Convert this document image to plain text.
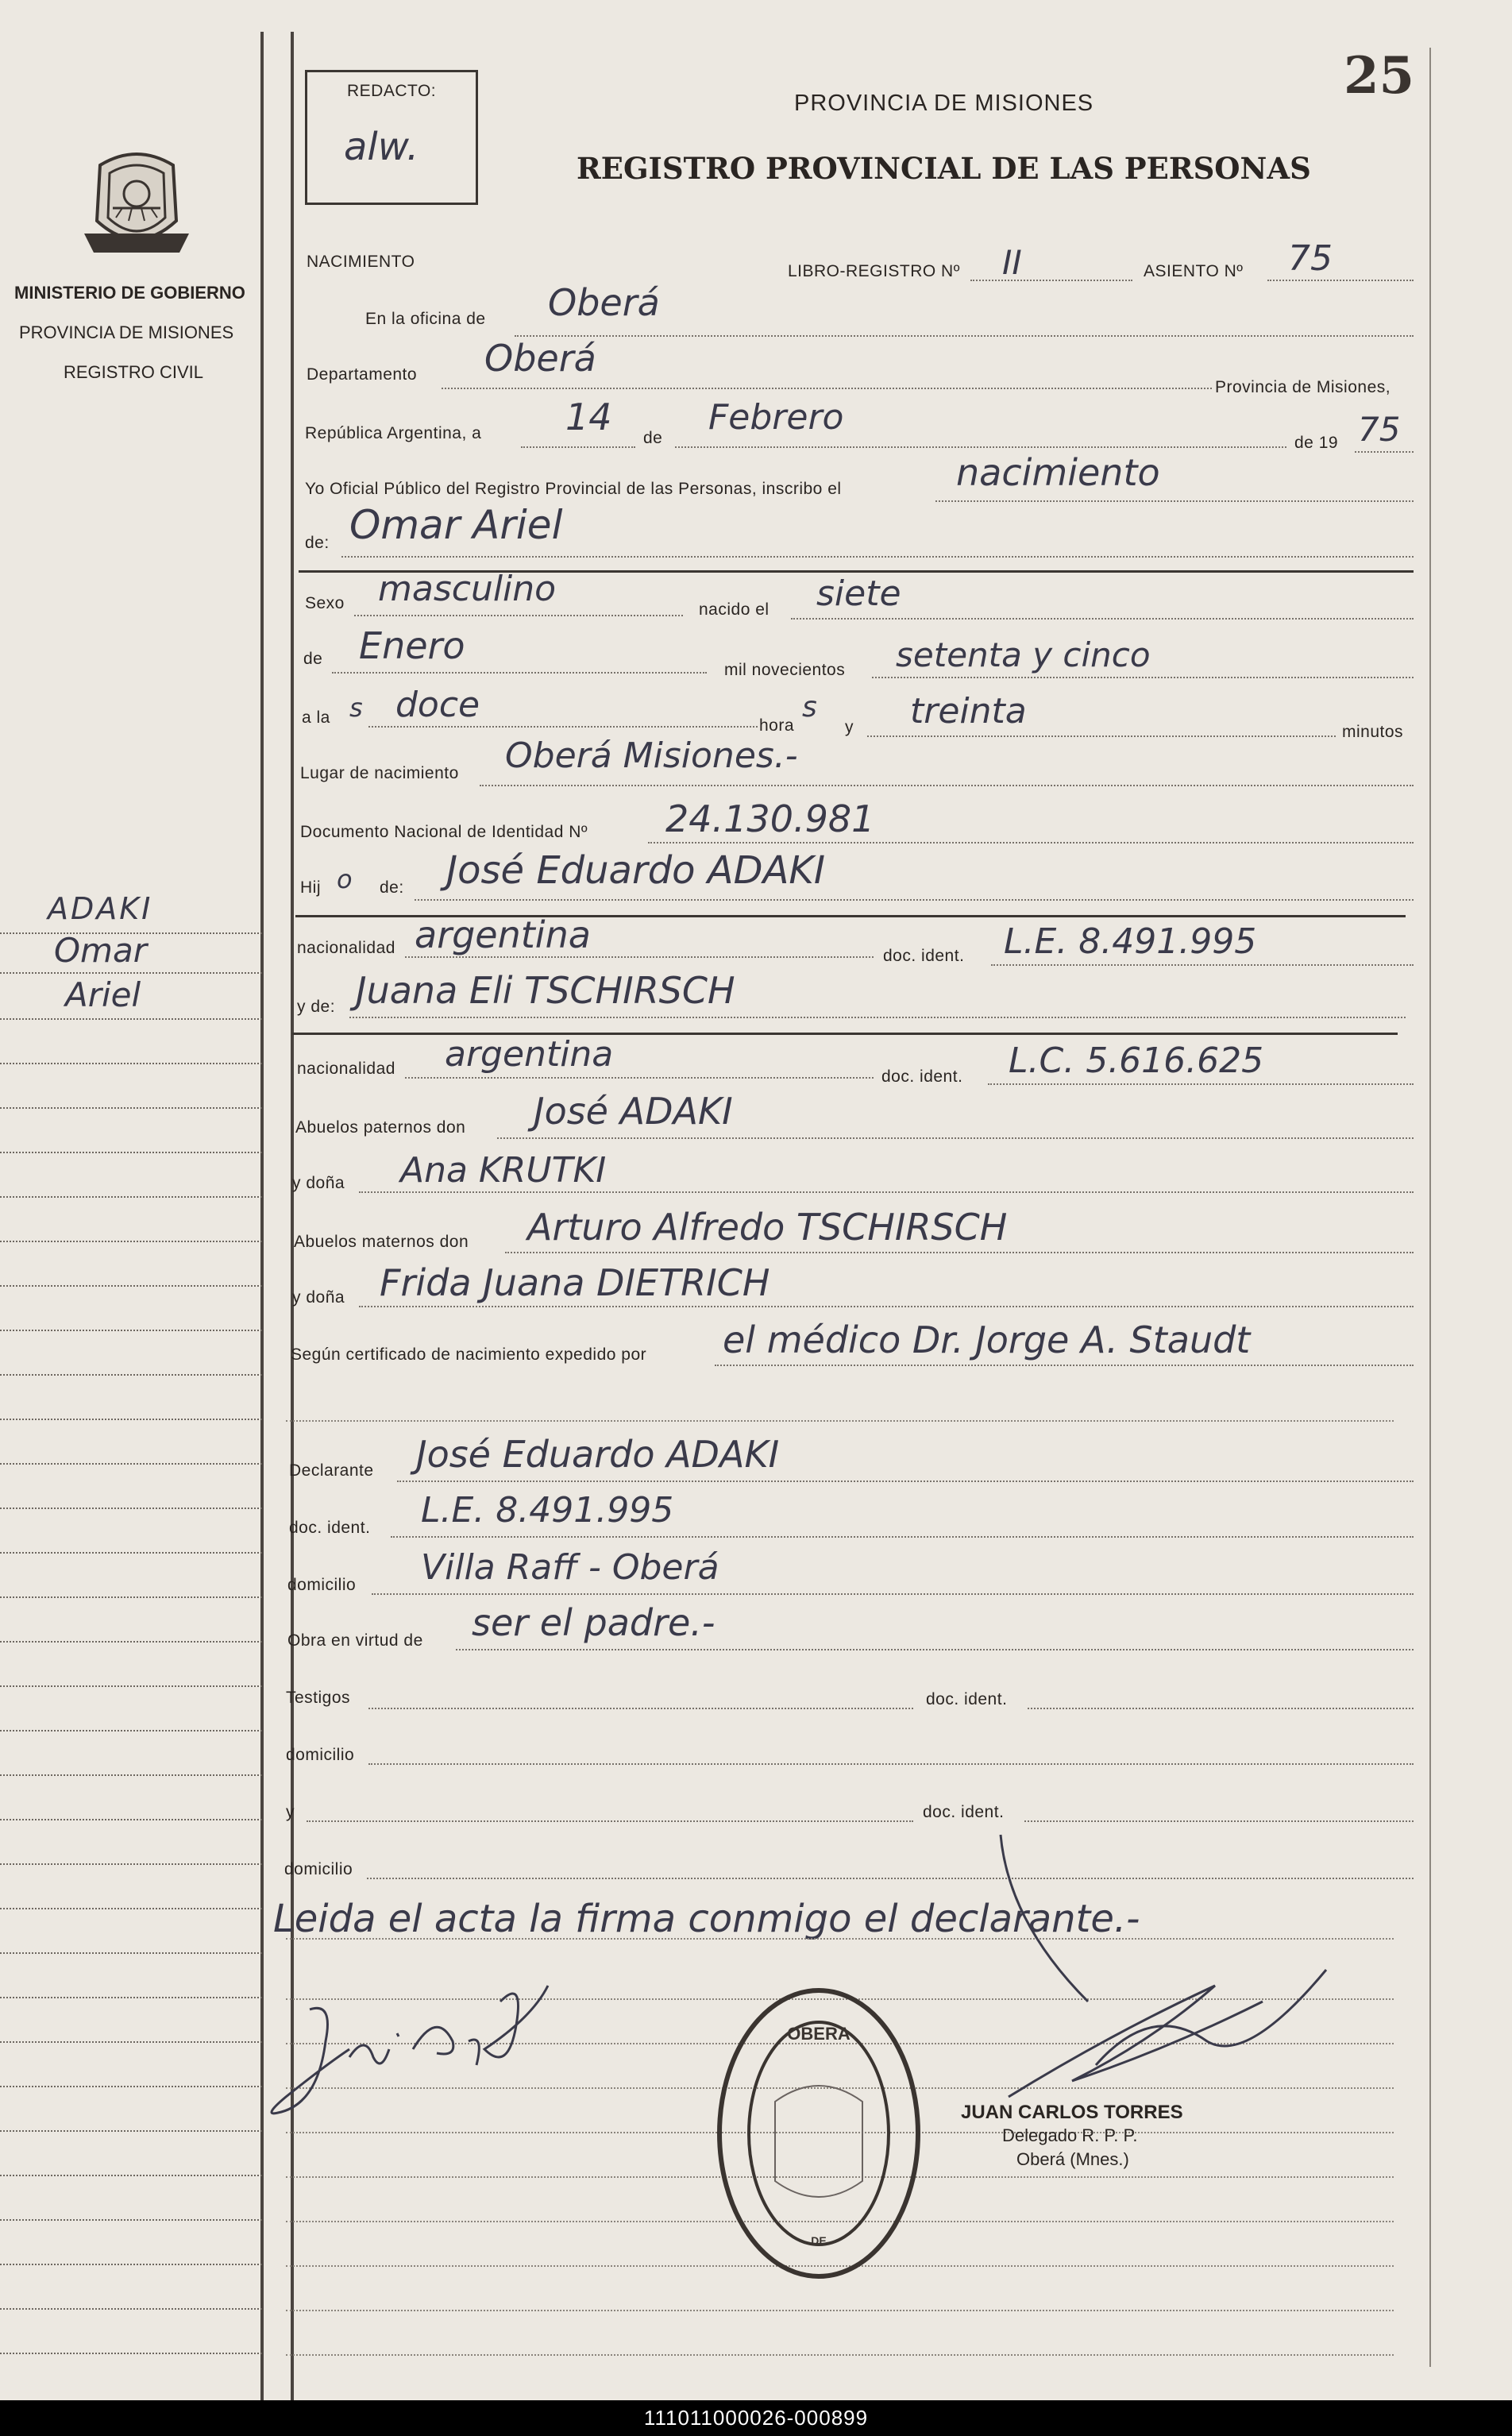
25
REDACTO:
alw.
PROVINCIA DE MISIONES
REGISTRO PROVINCIAL DE LAS PERSONAS
MINISTERIO DE GOBIERNO
PROVINCIA DE MISIONES
REGISTRO CIVIL
ADAKI
Omar
Ariel
NACIMIENTO
LIBRO-REGISTRO Nº II	ASIENTO Nº 75
En la oficina de Oberá
Departamento Oberá
Provincia de Misiones,
República Argentina, a 14 de
Febrero
de 19 75
Yo Oficial Público del Registro Provincial de las Personas, inscribo el	nacimiento
de: Omar Ariel
Sexo masculino
nacido el siete
de Enero
mil novecientos setenta y cinco
a la s doce
hora
s
y treinta
minutos
Lugar de nacimiento Oberá Misiones.-
Documento Nacional de Identidad Nº 24.130.981
Hij o de: José Eduardo ADAKI
nacionalidad argentina	doc. ident. L.E. 8.491.995
y de: Juana Eli TSCHIRSCH
nacionalidad argentina
doc. ident. L.C. 5.616.625
Abuelos paternos don José ADAKI
y doña Ana KRUTKI
Abuelos maternos don Arturo Alfredo TSCHIRSCH
y doña Frida Juana DIETRICH
Según certificado de nacimiento expedido por el médico Dr. Jorge A. Staudt
Declarante José Eduardo ADAKI
doc. ident. L.E. 8.491.995
domicilio Villa Raff - Oberá
Obra en virtud de ser el padre.-
Testigos	doc. ident.
domicilio
y	doc. ident.
domicilio
Leida el acta la firma conmigo el declarante.-
JUAN CARLOS TORRES
Delegado R. P. P.
Oberá (Mnes.)
OBERA
DE
111011000026-000899
